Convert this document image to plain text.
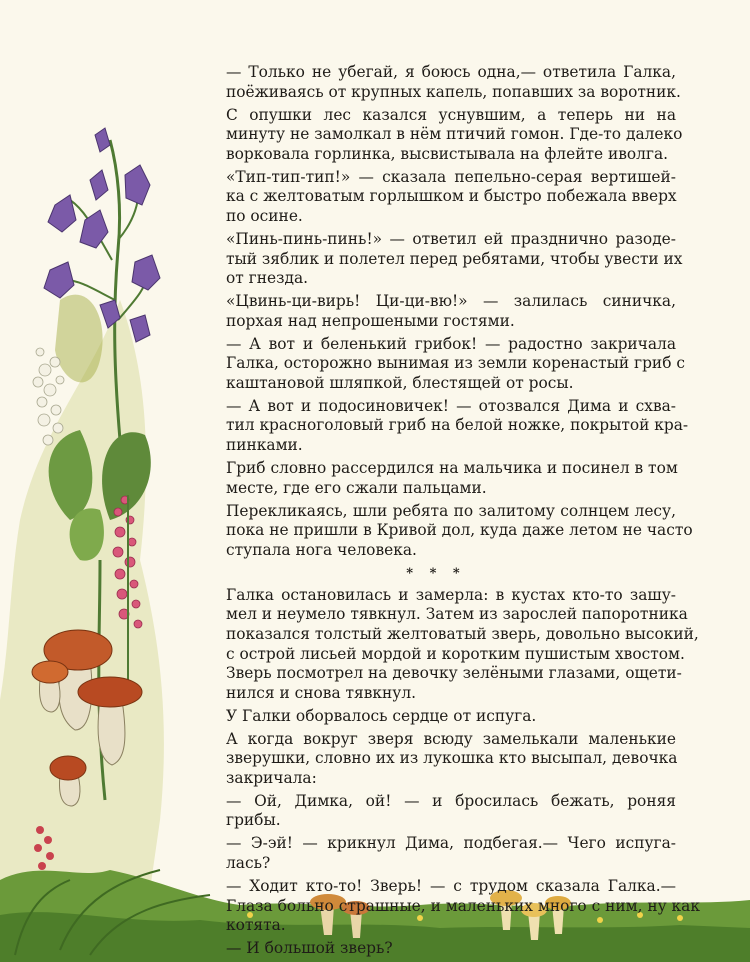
— Только не убегай, я боюсь одна,— ответила Галка,
поёживаясь от крупных капель, попавших за воротник.

С опушки лес казался уснувшим, а теперь ни на
минуту не замолкал в нём птичий гомон. Где-то далеко
ворковала горлинка, высвистывала на флейте иволга.

«Тип-тип-тип!» — сказала пепельно-серая вертишей-
ка с желтоватым горлышком и быстро побежала вверх
по осине.

«Пинь-пинь-пинь!» — ответил ей празднично разоде-
тый зяблик и полетел перед ребятами, чтобы увести их
от гнезда.

«Цвинь-ци-вирь! Ци-ци-вю!» — залилась синичка,
порхая над непрошеными гостями.

— А вот и беленький грибок! — радостно закричала
Галка, осторожно вынимая из земли коренастый гриб с
каштановой шляпкой, блестящей от росы.

— А вот и подосиновичек! — отозвался Дима и схва-
тил красноголовый гриб на белой ножке, покрытой кра-
пинками.

Гриб словно рассердился на мальчика и посинел в том
месте, где его сжали пальцами.

Перекликаясь, шли ребята по залитому солнцем лесу,
пока не пришли в Кривой дол, куда даже летом не часто
ступала нога человека.

* * *

Галка остановилась и замерла: в кустах кто-то зашу-
мел и неумело тявкнул. Затем из зарослей папоротника
показался толстый желтоватый зверь, довольно высокий,
с острой лисьей мордой и коротким пушистым хвостом.
Зверь посмотрел на девочку зелёными глазами, ощети-
нился и снова тявкнул.

У Галки оборвалось сердце от испуга.

А когда вокруг зверя всюду замелькали маленькие
зверушки, словно их из лукошка кто высыпал, девочка
закричала:

— Ой, Димка, ой! — и бросилась бежать, роняя
грибы.

— Э-эй! — крикнул Дима, подбегая.— Чего испуга-
лась?

— Ходит кто-то! Зверь! — с трудом сказала Галка.—
Глаза больно страшные, и маленьких много с ним, ну как
котята.

— И большой зверь?
